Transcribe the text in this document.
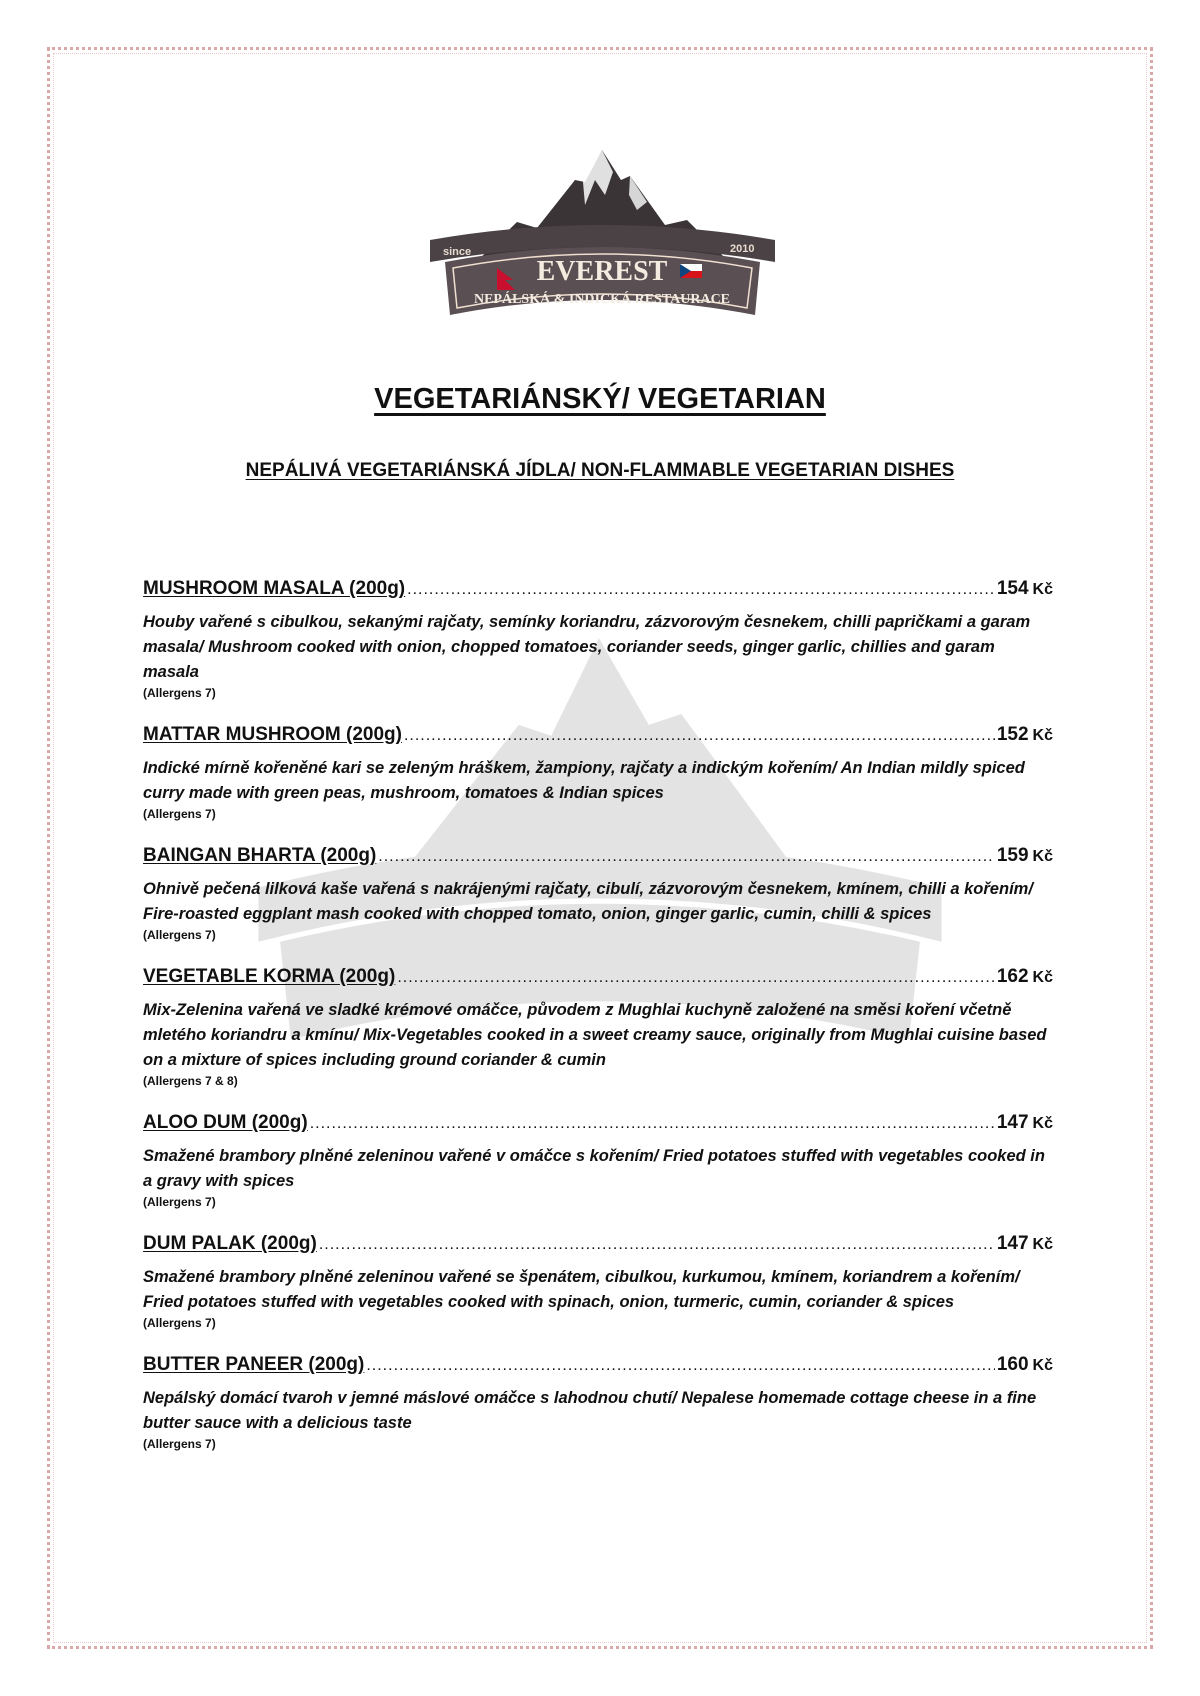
since	2010
EVEREST
NEPÁLSKÁ & INDICKÁ RESTAURACE
VEGETARIÁNSKÝ/ VEGETARIAN
NEPÁLIVÁ VEGETARIÁNSKÁ JÍDLA/ NON-FLAMMABLE VEGETARIAN DISHES
MUSHROOM MASALA (200g) .....	154 Kč
Houby vařené s cibulkou, sekanými rajčaty, semínky koriandru, zázvorovým česnekem, chilli papričkami a garam masala/ Mushroom cooked with onion, chopped tomatoes, coriander seeds, ginger garlic, chillies and garam masala
(Allergens 7)
MATTAR MUSHROOM (200g) .....	152 Kč
Indické mírně kořeněné kari se zeleným hráškem, žampiony, rajčaty a indickým kořením/ An Indian mildly spiced curry made with green peas, mushroom, tomatoes & Indian spices
(Allergens 7)
BAINGAN BHARTA (200g) .....	159 Kč
Ohnivě pečená lilková kaše vařená s nakrájenými rajčaty, cibulí, zázvorovým česnekem, kmínem, chilli a kořením/ Fire-roasted eggplant mash cooked with chopped tomato, onion, ginger garlic, cumin, chilli & spices
(Allergens 7)
VEGETABLE KORMA (200g) .....	162 Kč
Mix-Zelenina vařená ve sladké krémové omáčce, původem z Mughlai kuchyně založené na směsi koření včetně mletého koriandru a kmínu/ Mix-Vegetables cooked in a sweet creamy sauce, originally from Mughlai cuisine based on a mixture of spices including ground coriander & cumin
(Allergens 7 & 8)
ALOO DUM (200g) .....	147 Kč
Smažené brambory plněné zeleninou vařené v omáčce s kořením/ Fried potatoes stuffed with vegetables cooked in a gravy with spices
(Allergens 7)
DUM PALAK (200g) .....	147 Kč
Smažené brambory plněné zeleninou vařené se špenátem, cibulkou, kurkumou, kmínem, koriandrem a kořením/ Fried potatoes stuffed with vegetables cooked with spinach, onion, turmeric, cumin, coriander & spices
(Allergens 7)
BUTTER PANEER (200g) .....	160 Kč
Nepálský domácí tvaroh v jemné máslové omáčce s lahodnou chutí/ Nepalese homemade cottage cheese in a fine butter sauce with a delicious taste
(Allergens 7)
